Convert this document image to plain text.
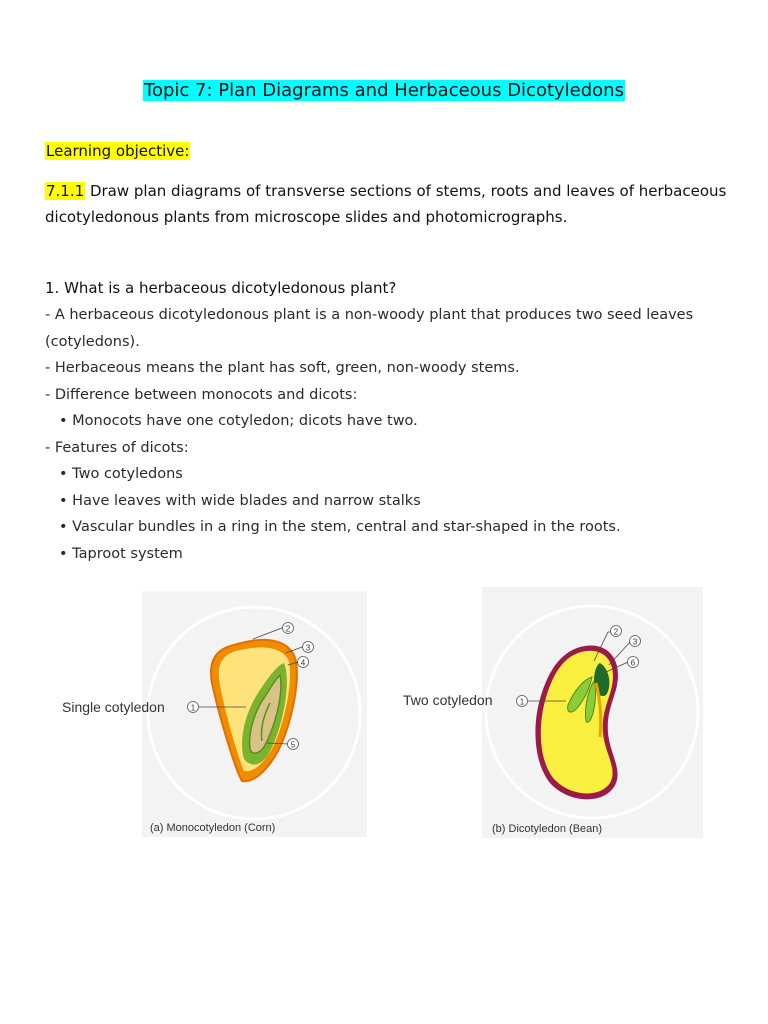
Topic 7: Plan Diagrams and Herbaceous Dicotyledons
Learning objective:
7.1.1 Draw plan diagrams of transverse sections of stems, roots and leaves of herbaceous dicotyledonous plants from microscope slides and photomicrographs.
1. What is a herbaceous dicotyledonous plant?
- A herbaceous dicotyledonous plant is a non-woody plant that produces two seed leaves (cotyledons).
- Herbaceous means the plant has soft, green, non-woody stems.
- Difference between monocots and dicots:
• Monocots have one cotyledon; dicots have two.
- Features of dicots:
• Two cotyledons
• Have leaves with wide blades and narrow stalks
• Vascular bundles in a ring in the stem, central and star-shaped in the roots.
• Taproot system
2
3
4
5
1
(a) Monocotyledon (Corn)
Single cotyledon
2
3
6
1
(b) Dicotyledon (Bean)
Two cotyledon
